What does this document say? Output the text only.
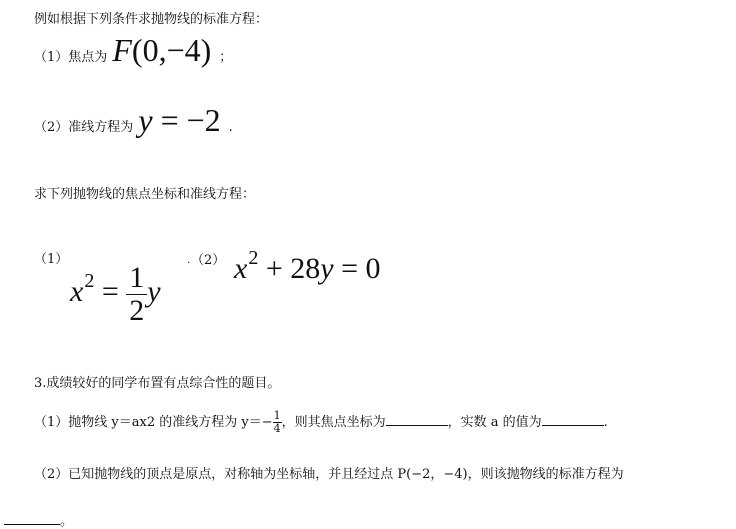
例如根据下列条件求抛物线的标准方程：
（1）焦点为 F(0,−4) ；
（2）准线方程为 y = −2 .
求下列抛物线的焦点坐标和准线方程：
（1）
$x^2 = \frac{1}{2}$ y
. （2） $x^2 + 28y = 0$
3.成绩较好的同学布置有点综合性的题目。
（1）抛物线 y＝ax2 的准线方程为 $y=- \frac{1}{4}$ ，则其焦点坐标为	，实数 a 的值为	.
（2）已知抛物线的顶点是原点，对称轴为坐标轴，并且经过点 P(−2，−4)，则该抛物线的标准方程为
。
